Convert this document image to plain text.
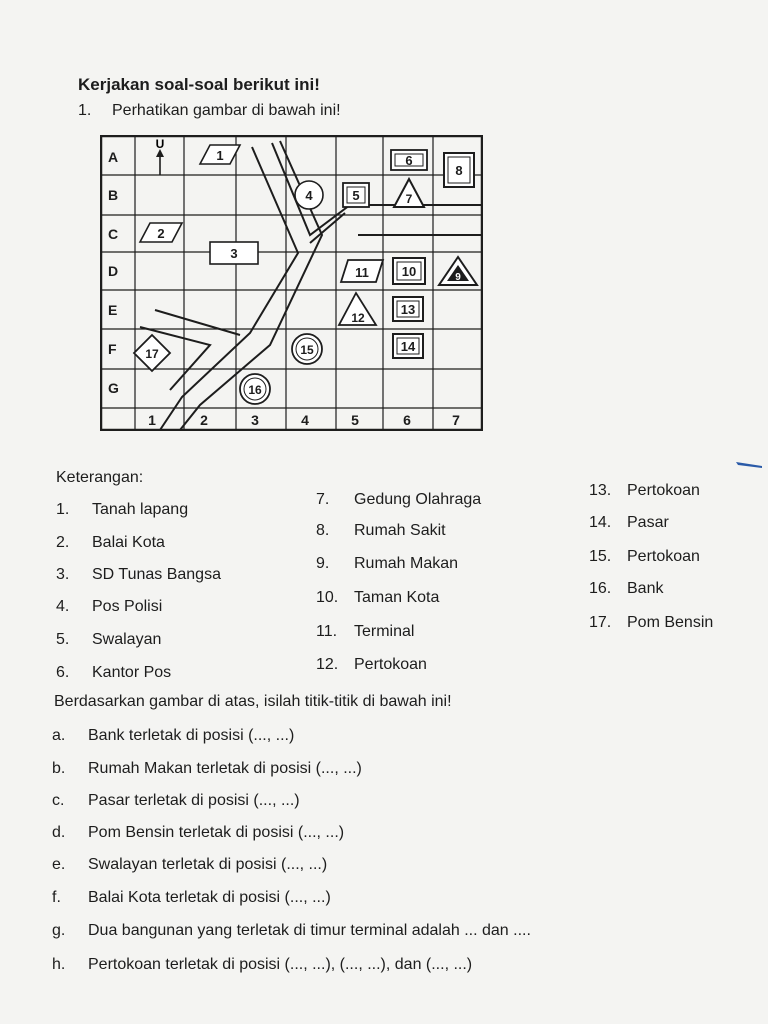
Kerjakan soal-soal berikut ini!
1. Perhatikan gambar di bawah ini!
A
B
C
D
E
F
G
1	2	3	4	5	6	7
U
1
2
3
4	5
6
7
8
9
10
11
12
13
14
15
16
17
Keterangan:
1. Tanah lapang
2. Balai Kota
3. SD Tunas Bangsa
4. Pos Polisi
5. Swalayan
6. Kantor Pos
7. Gedung Olahraga
8. Rumah Sakit
9. Rumah Makan
10. Taman Kota
11. Terminal
12. Pertokoan
13. Pertokoan
14. Pasar
15. Pertokoan
16. Bank
17. Pom Bensin
Berdasarkan gambar di atas, isilah titik-titik di bawah ini!
a. Bank terletak di posisi (..., ...)
b. Rumah Makan terletak di posisi (..., ...)
c. Pasar terletak di posisi (..., ...)
d. Pom Bensin terletak di posisi (..., ...)
e. Swalayan terletak di posisi (..., ...)
f. Balai Kota terletak di posisi (..., ...)
g. Dua bangunan yang terletak di timur terminal adalah ... dan ....
h. Pertokoan terletak di posisi (..., ...), (..., ...), dan (..., ...)
